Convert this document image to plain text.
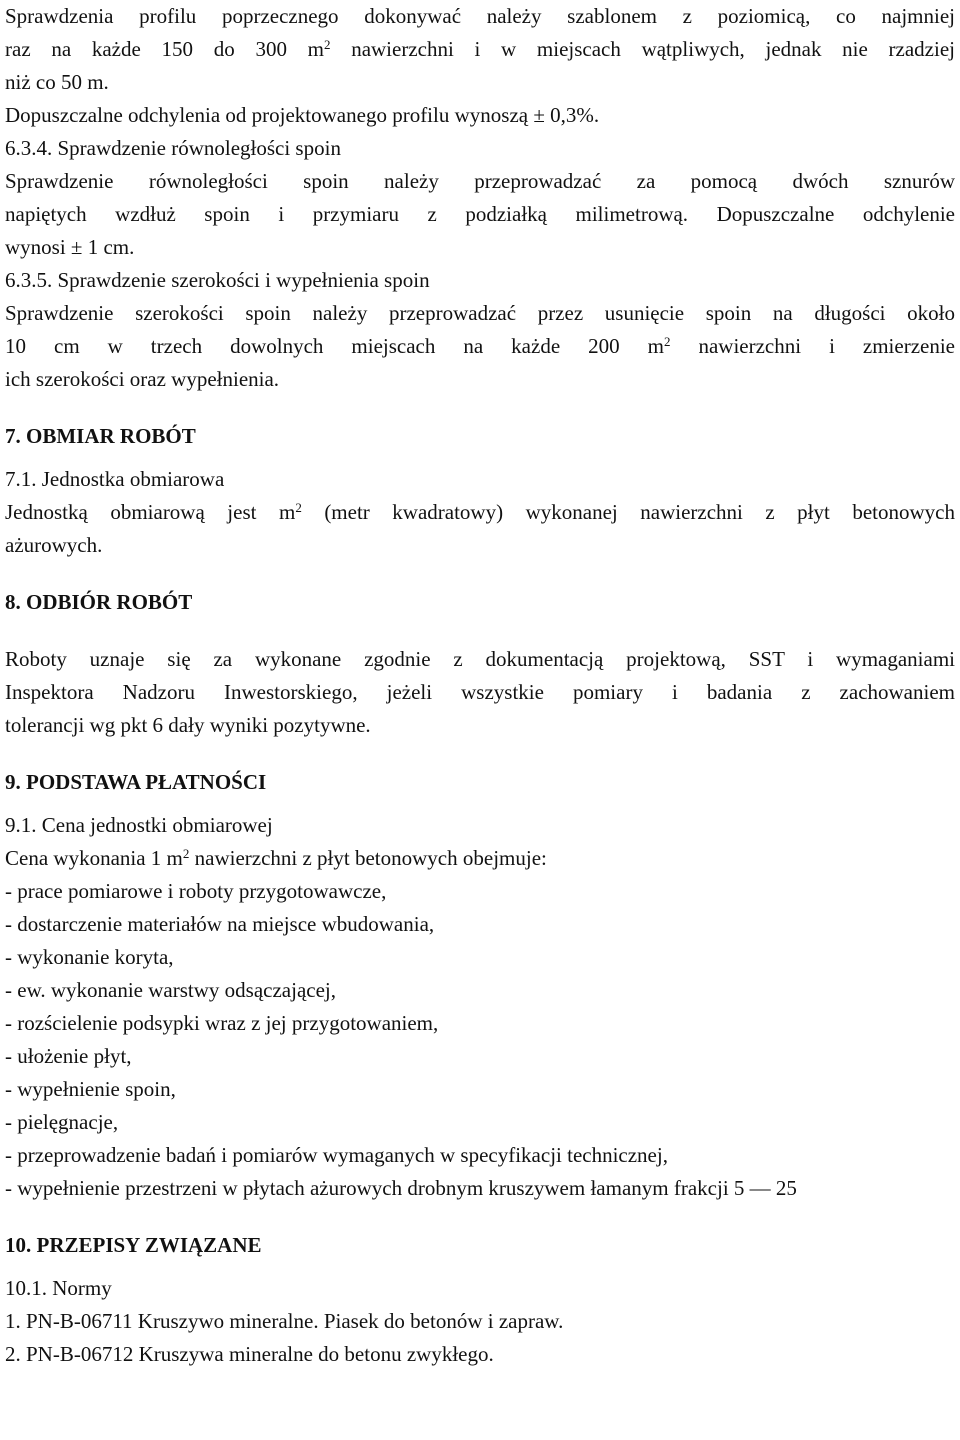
Sprawdzenia profilu poprzecznego dokonywać należy szablonem z poziomicą, co najmniej
raz na każde 150 do 300 $m^2$ nawierzchni i w miejscach wątpliwych, jednak nie rzadziej
niż co 50 m.
Dopuszczalne odchylenia od projektowanego profilu wynoszą ± 0,3%.
6.3.4. Sprawdzenie równoległości spoin
Sprawdzenie równoległości spoin należy przeprowadzać za pomocą dwóch sznurów
napiętych wzdłuż spoin i przymiaru z podziałką milimetrową. Dopuszczalne odchylenie
wynosi ± 1 cm.
6.3.5. Sprawdzenie szerokości i wypełnienia spoin
Sprawdzenie szerokości spoin należy przeprowadzać przez usunięcie spoin na długości około
10 cm w trzech dowolnych miejscach na każde 200 $m^2$ nawierzchni i zmierzenie
ich szerokości oraz wypełnienia.
7. OBMIAR ROBÓT
7.1. Jednostka obmiarowa
Jednostką obmiarową jest $m^2$ (metr kwadratowy) wykonanej nawierzchni z płyt betonowych
ażurowych.
8. ODBIÓR ROBÓT
Roboty uznaje się za wykonane zgodnie z dokumentacją projektową, SST i wymaganiami
Inspektora Nadzoru Inwestorskiego, jeżeli wszystkie pomiary i badania z zachowaniem
tolerancji wg pkt 6 dały wyniki pozytywne.
9. PODSTAWA PŁATNOŚCI
9.1. Cena jednostki obmiarowej
Cena wykonania 1 $m^2$ nawierzchni z płyt betonowych obejmuje:
- prace pomiarowe i roboty przygotowawcze,
- dostarczenie materiałów na miejsce wbudowania,
- wykonanie koryta,
- ew. wykonanie warstwy odsączającej,
- rozścielenie podsypki wraz z jej przygotowaniem,
- ułożenie płyt,
- wypełnienie spoin,
- pielęgnacje,
- przeprowadzenie badań i pomiarów wymaganych w specyfikacji technicznej,
- wypełnienie przestrzeni w płytach ażurowych drobnym kruszywem łamanym frakcji 5 — 25
10. PRZEPISY ZWIĄZANE
10.1. Normy
1. PN-B-06711 Kruszywo mineralne. Piasek do betonów i zapraw.
2. PN-B-06712 Kruszywa mineralne do betonu zwykłego.
